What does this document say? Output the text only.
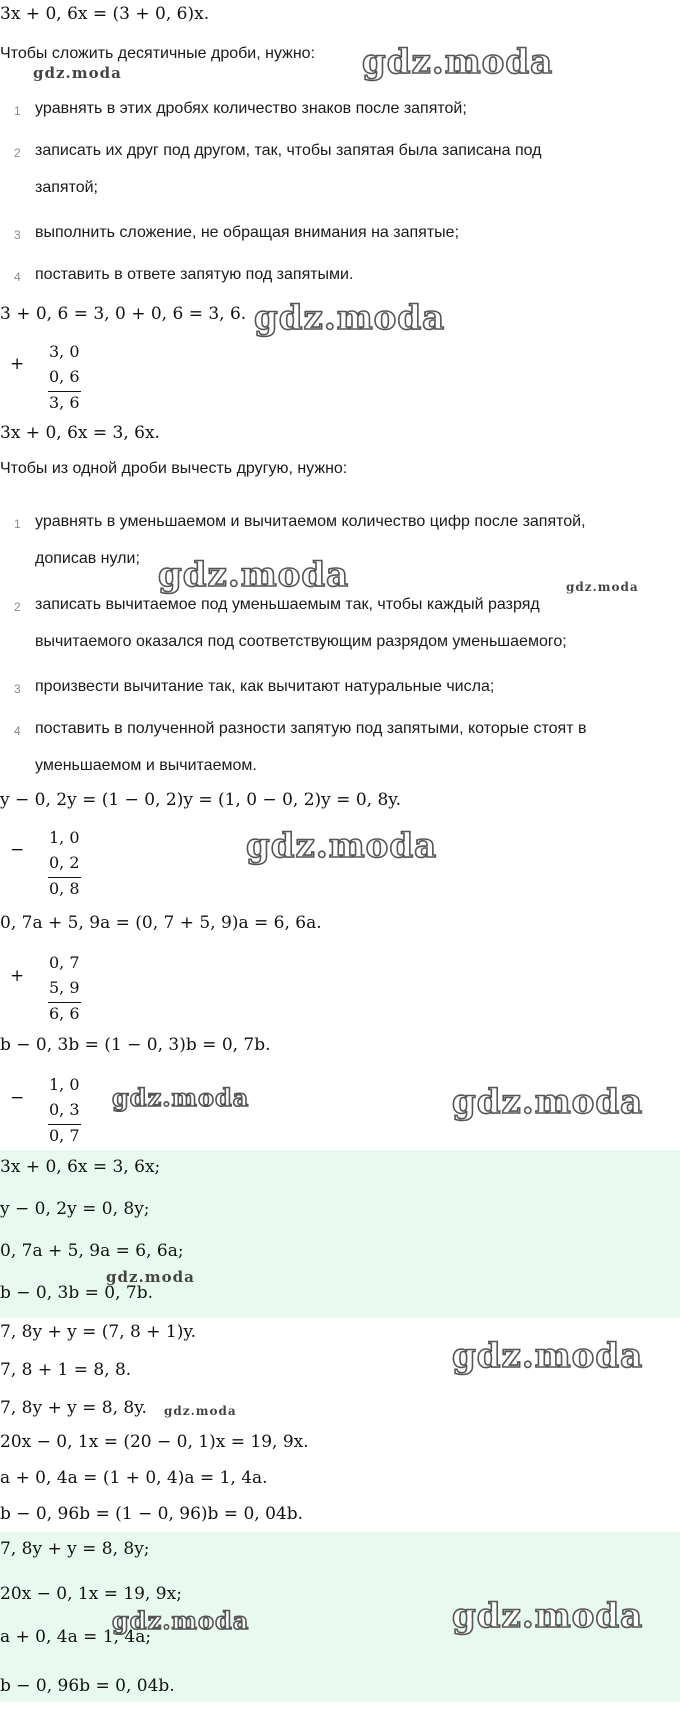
3x + 0, 6x = (3 + 0, 6)x.
Чтобы сложить десятичные дроби, нужно:
1 уравнять в этих дробях количество знаков после запятой;
2 записать их друг под другом, так, чтобы запятая была записана под
запятой;
3 выполнить сложение, не обращая внимания на запятые;
4 поставить в ответе запятую под запятыми.
3 + 0, 6 = 3, 0 + 0, 6 = 3, 6.
+
3, 0
0, 6
3, 6
3x + 0, 6x = 3, 6x.
Чтобы из одной дроби вычесть другую, нужно:
1 уравнять в уменьшаемом и вычитаемом количество цифр после запятой,
дописав нули;
2 записать вычитаемое под уменьшаемым так, чтобы каждый разряд
вычитаемого оказался под соответствующим разрядом уменьшаемого;
3 произвести вычитание так, как вычитают натуральные числа;
4 поставить в полученной разности запятую под запятыми, которые стоят в
уменьшаемом и вычитаемом.
y − 0, 2y = (1 − 0, 2)y = (1, 0 − 0, 2)y = 0, 8y.
−
1, 0
0, 2
0, 8
0, 7a + 5, 9a = (0, 7 + 5, 9)a = 6, 6a.
+
0, 7
5, 9
6, 6
b − 0, 3b = (1 − 0, 3)b = 0, 7b.
−
1, 0
0, 3
0, 7
3x + 0, 6x = 3, 6x;
y − 0, 2y = 0, 8y;
0, 7a + 5, 9a = 6, 6a;
b − 0, 3b = 0, 7b.
7, 8y + y = (7, 8 + 1)y.
7, 8 + 1 = 8, 8.
7, 8y + y = 8, 8y.
20x − 0, 1x = (20 − 0, 1)x = 19, 9x.
a + 0, 4a = (1 + 0, 4)a = 1, 4a.
b − 0, 96b = (1 − 0, 96)b = 0, 04b.
7, 8y + y = 8, 8y;
20x − 0, 1x = 19, 9x;
a + 0, 4a = 1, 4a;
b − 0, 96b = 0, 04b.
gdz.moda
gdz.moda
gdz.moda
gdz.moda	gdz.moda
gdz.moda
gdz.moda	gdz.moda
gdz.moda
gdz.moda
gdz.moda
gdz.moda	gdz.moda
